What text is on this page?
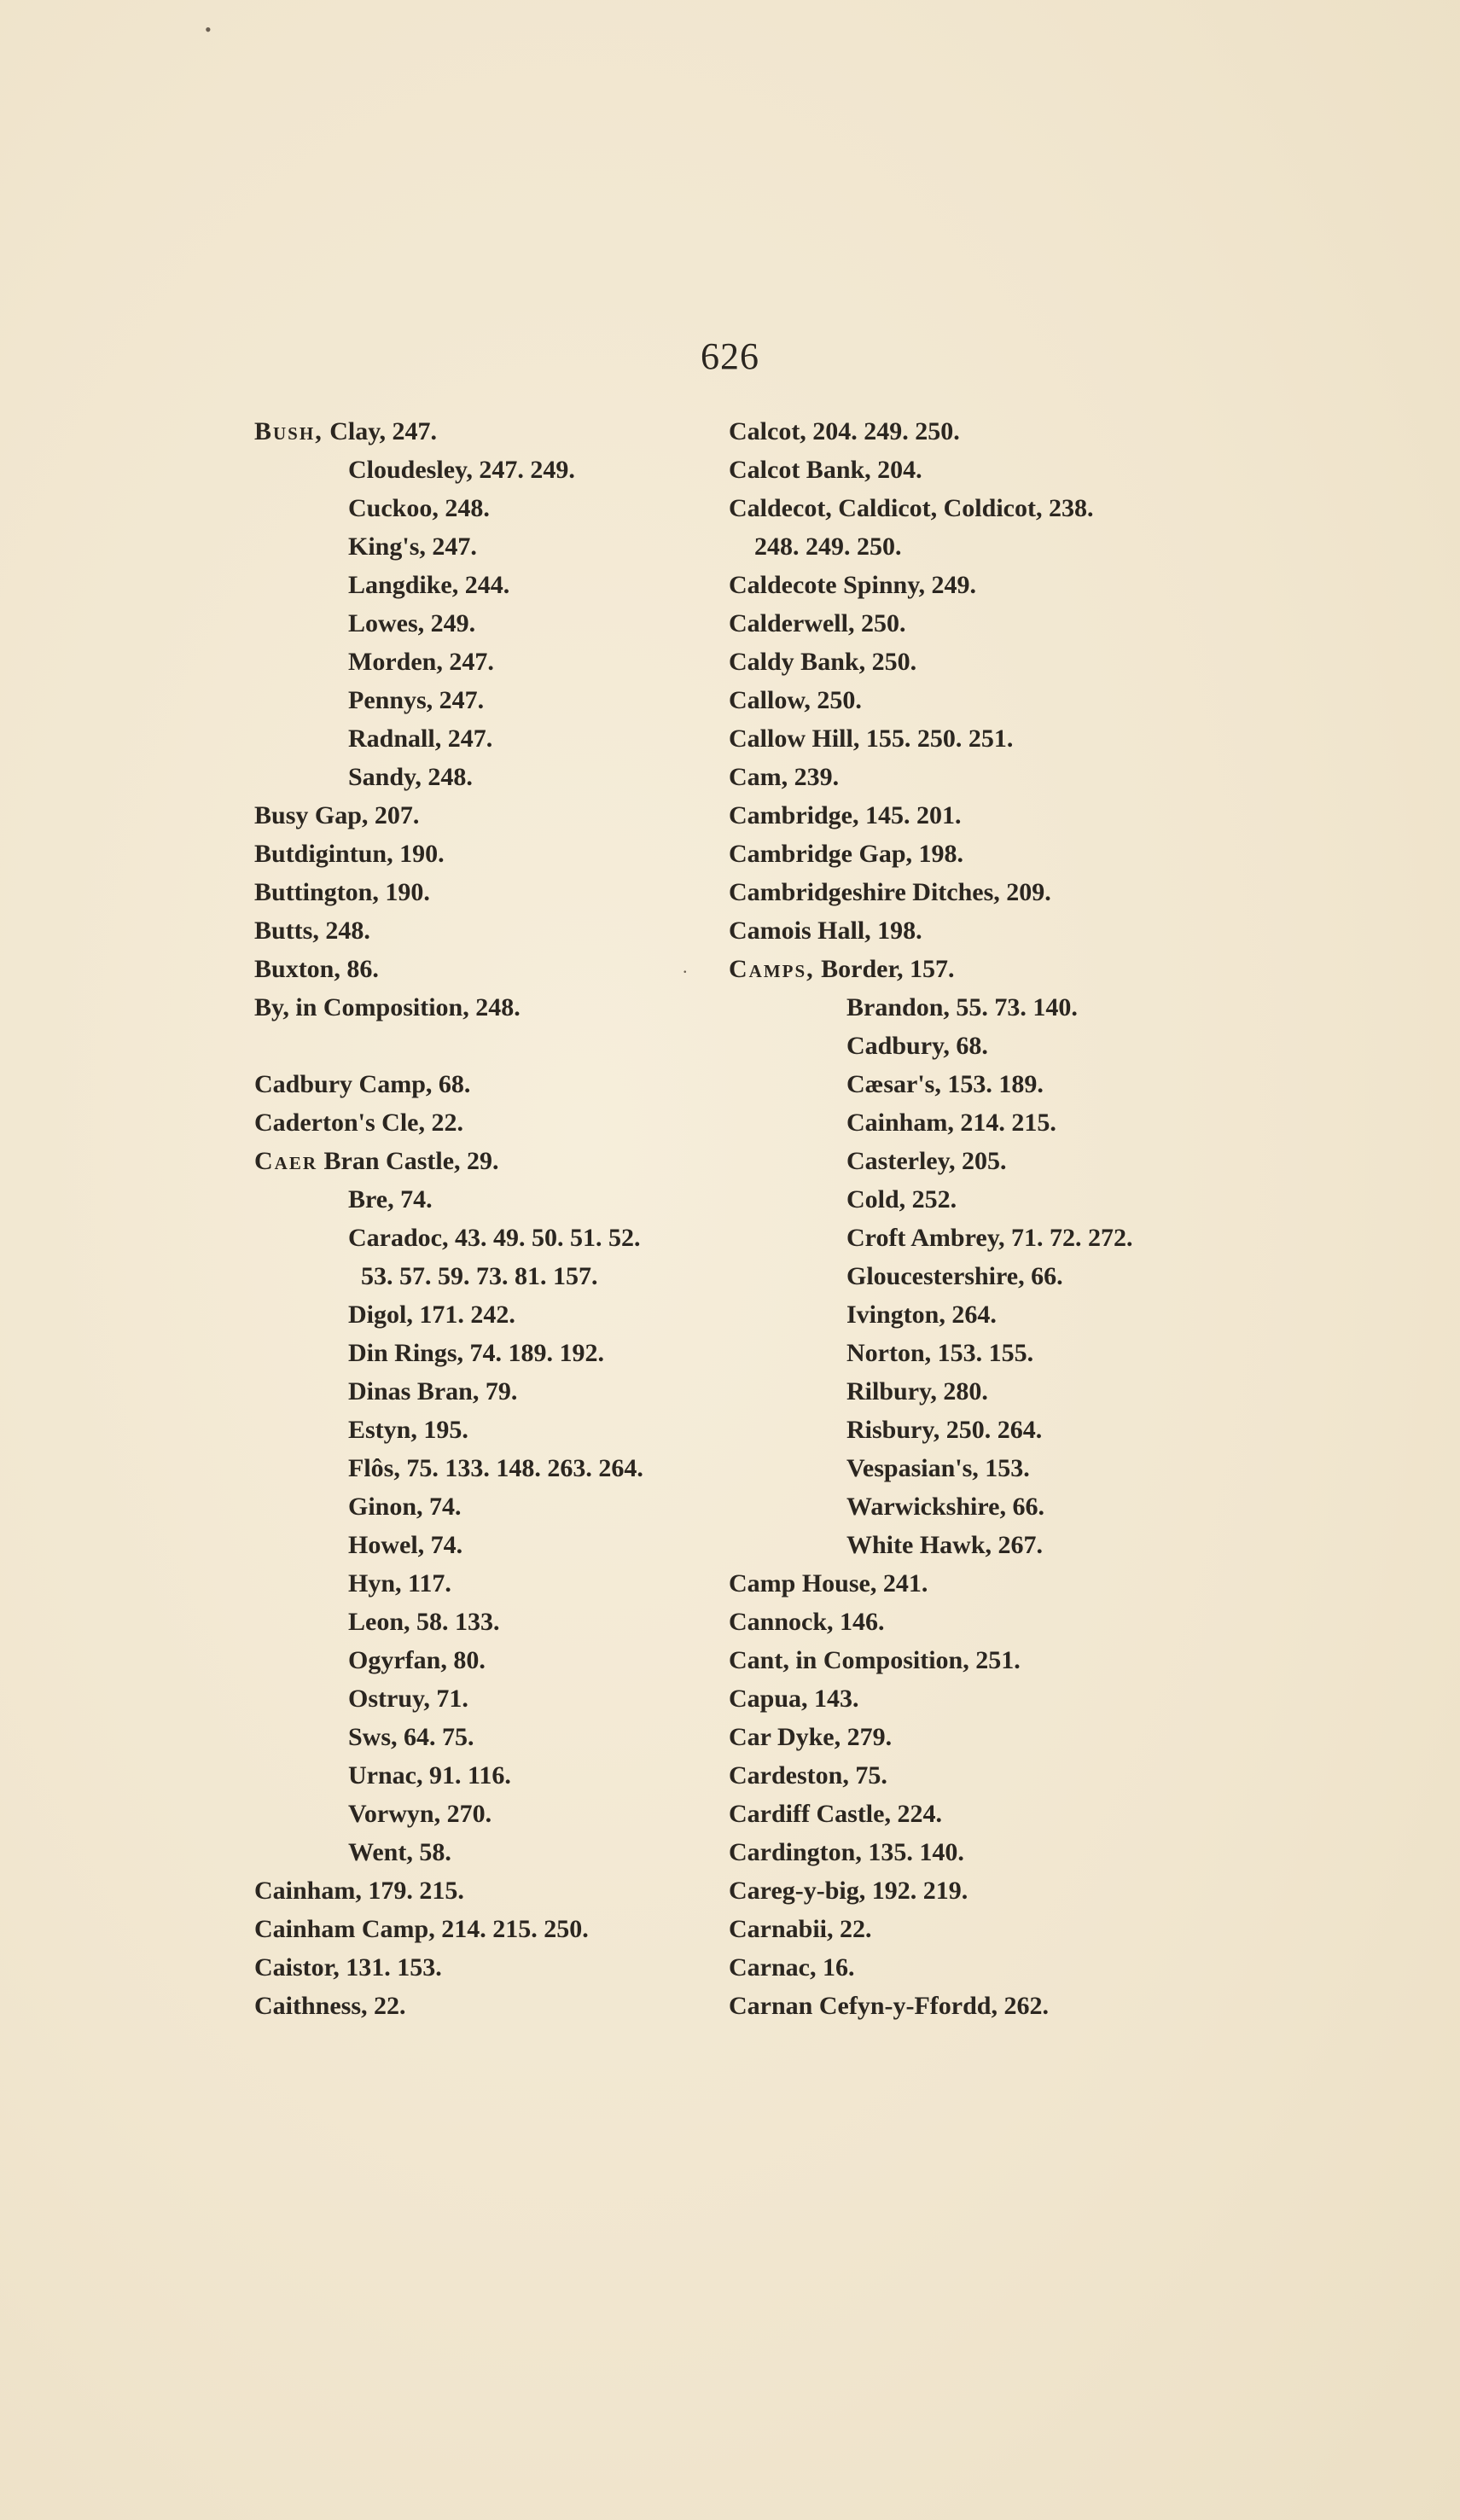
626
Bush, Clay, 247.
Cloudesley, 247. 249.
Cuckoo, 248.
King's, 247.
Langdike, 244.
Lowes, 249.
Morden, 247.
Pennys, 247.
Radnall, 247.
Sandy, 248.
Busy Gap, 207.
Butdigintun, 190.
Buttington, 190.
Butts, 248.
Buxton, 86.
By, in Composition, 248.
Cadbury Camp, 68.
Caderton's Cle, 22.
Caer Bran Castle, 29.
Bre, 74.
Caradoc, 43. 49. 50. 51. 52.
53. 57. 59. 73. 81. 157.
Digol, 171. 242.
Din Rings, 74. 189. 192.
Dinas Bran, 79.
Estyn, 195.
Flôs, 75. 133. 148. 263. 264.
Ginon, 74.
Howel, 74.
Hyn, 117.
Leon, 58. 133.
Ogyrfan, 80.
Ostruy, 71.
Sws, 64. 75.
Urnac, 91. 116.
Vorwyn, 270.
Went, 58.
Cainham, 179. 215.
Cainham Camp, 214. 215. 250.
Caistor, 131. 153.
Caithness, 22.
Calcot, 204. 249. 250.
Calcot Bank, 204.
Caldecot, Caldicot, Coldicot, 238.
248. 249. 250.
Caldecote Spinny, 249.
Calderwell, 250.
Caldy Bank, 250.
Callow, 250.
Callow Hill, 155. 250. 251.
Cam, 239.
Cambridge, 145. 201.
Cambridge Gap, 198.
Cambridgeshire Ditches, 209.
Camois Hall, 198.
Camps, Border, 157.
Brandon, 55. 73. 140.
Cadbury, 68.
Cæsar's, 153. 189.
Cainham, 214. 215.
Casterley, 205.
Cold, 252.
Croft Ambrey, 71. 72. 272.
Gloucestershire, 66.
Ivington, 264.
Norton, 153. 155.
Rilbury, 280.
Risbury, 250. 264.
Vespasian's, 153.
Warwickshire, 66.
White Hawk, 267.
Camp House, 241.
Cannock, 146.
Cant, in Composition, 251.
Capua, 143.
Car Dyke, 279.
Cardeston, 75.
Cardiff Castle, 224.
Cardington, 135. 140.
Careg-y-big, 192. 219.
Carnabii, 22.
Carnac, 16.
Carnan Cefyn-y-Ffordd, 262.
•
.
